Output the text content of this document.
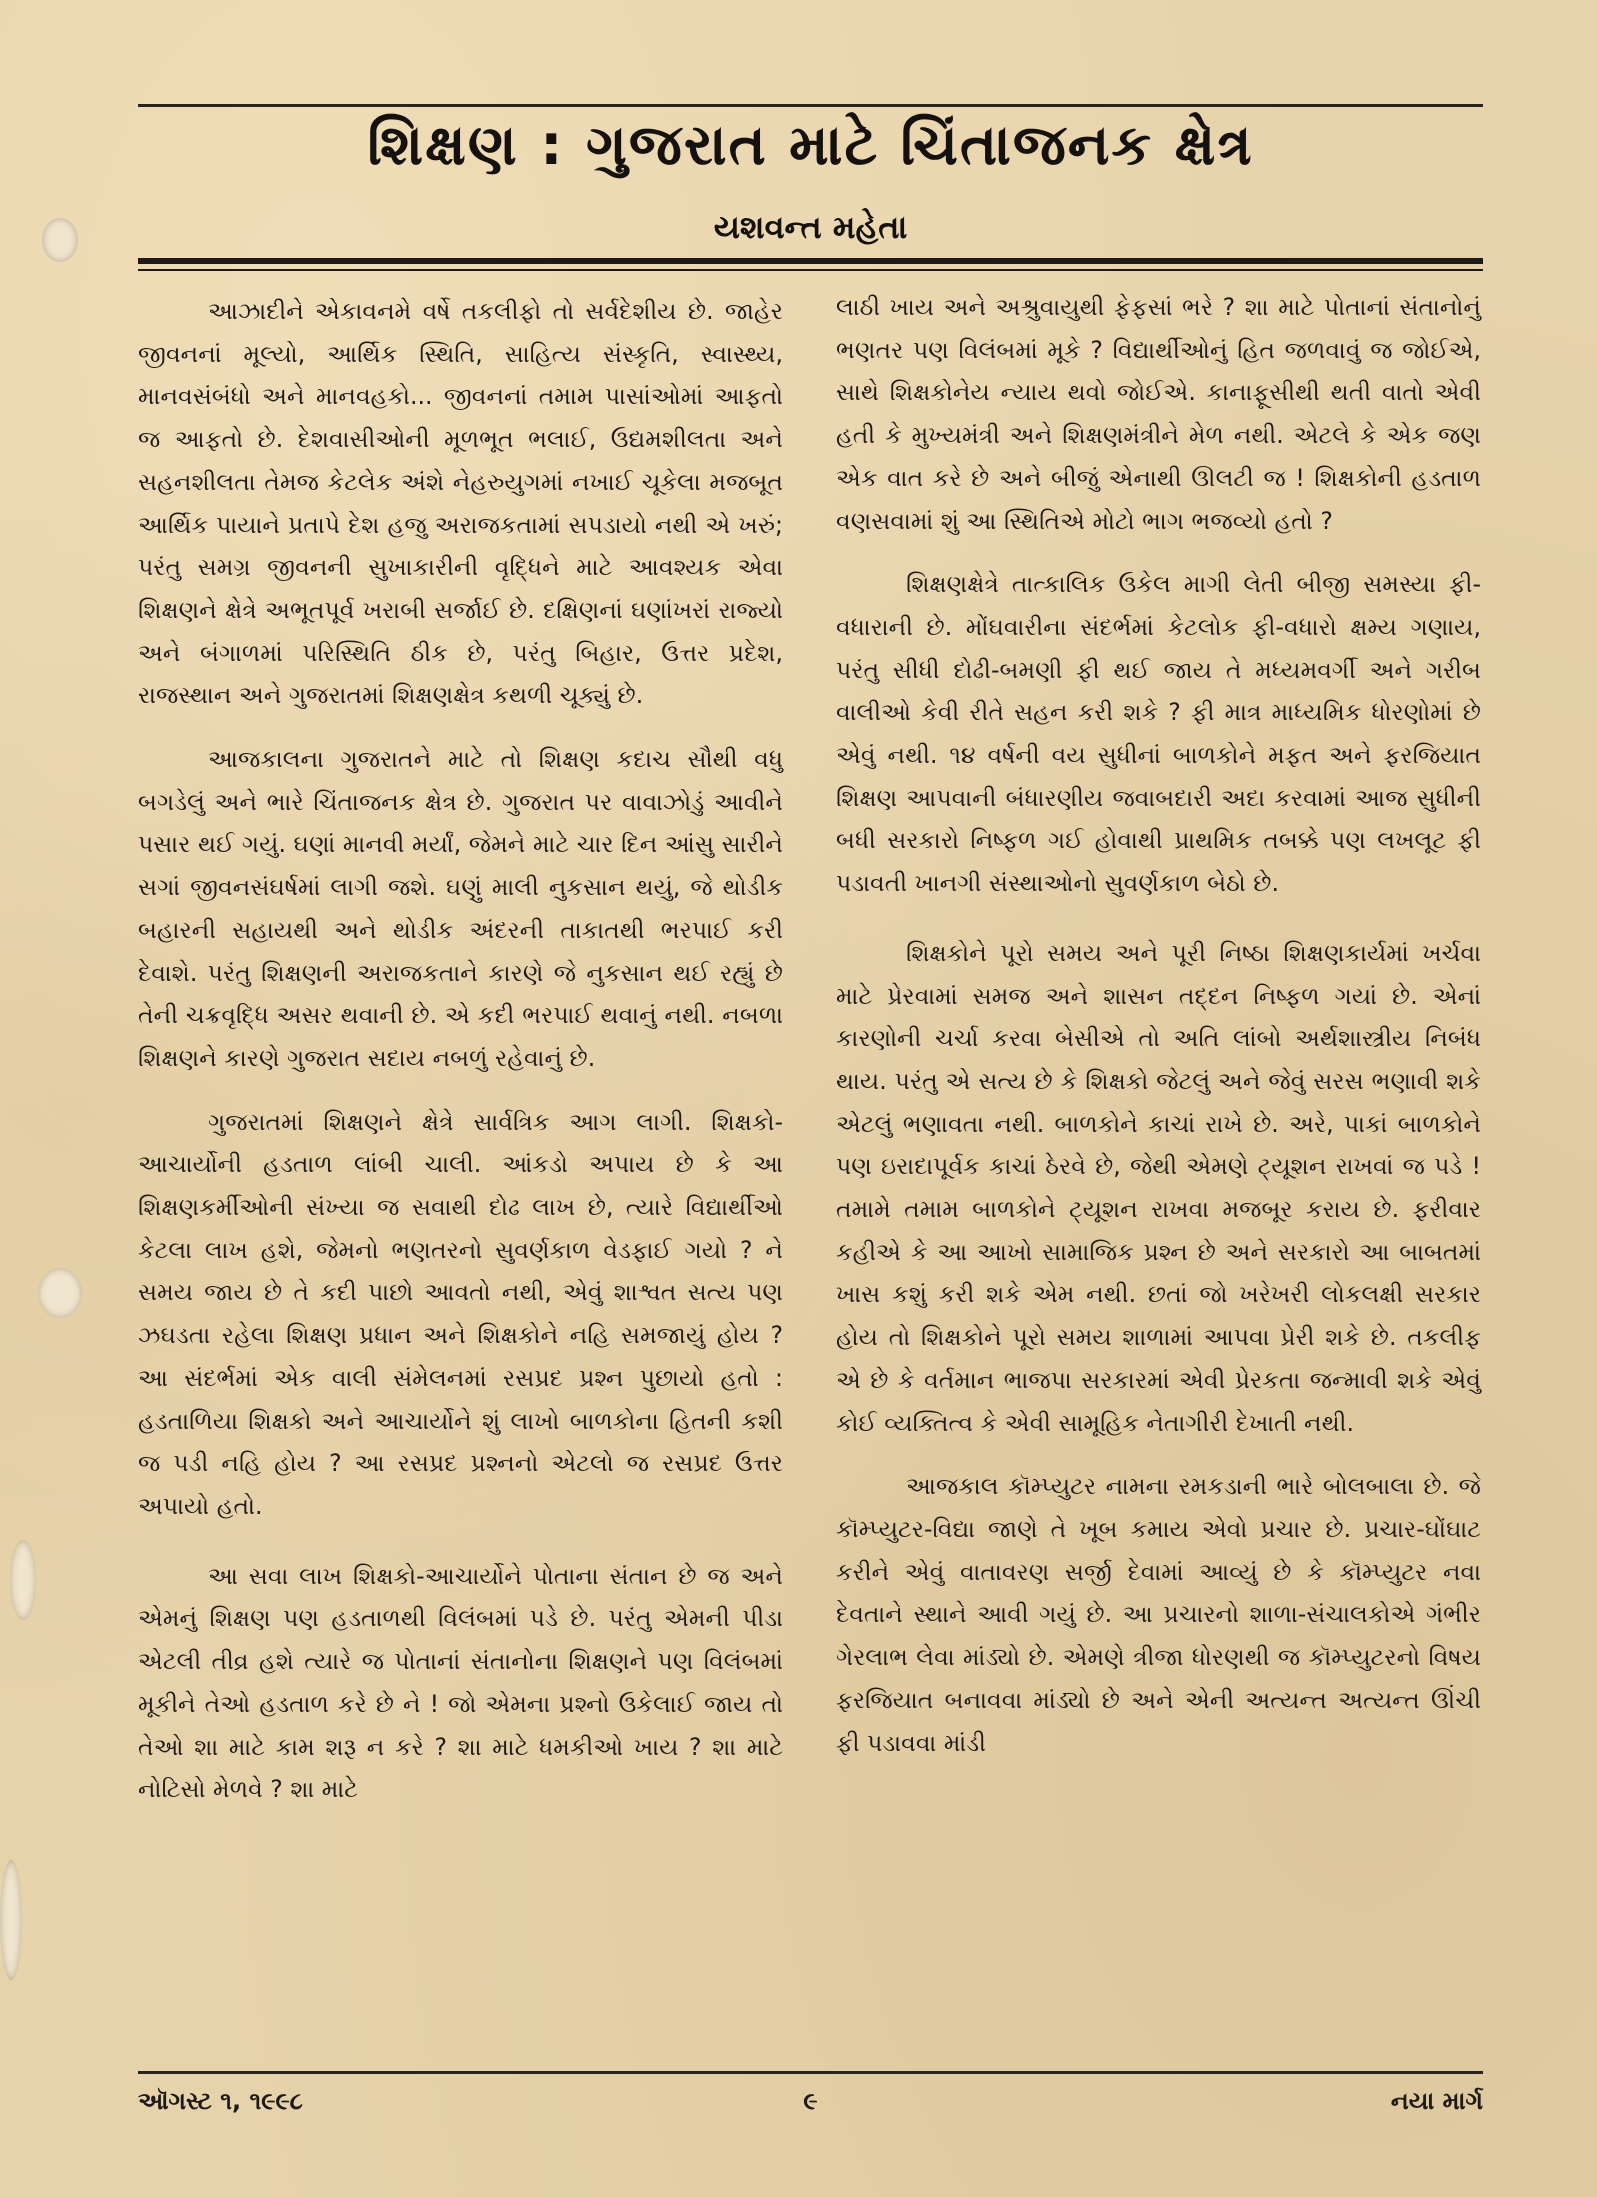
શિક્ષણ : ગુજરાત માટે ચિંતાજનક ક્ષેત્ર
યશવન્ત મહેતા

આઝાદીને એકાવનમે વર્ષે તકલીફો તો સર્વદેશીય છે. જાહેર જીવનનાં મૂલ્યો, આર્થિક સ્થિતિ, સાહિત્ય સંસ્કૃતિ, સ્વાસ્થ્ય, માનવસંબંધો અને માનવહકો... જીવનનાં તમામ પાસાંઓમાં આફતો જ આફતો છે. દેશવાસીઓની મૂળભૂત ભલાઈ, ઉદ્યમશીલતા અને સહનશીલતા તેમજ કેટલેક અંશે નેહરુયુગમાં નખાઈ ચૂકેલા મજબૂત આર્થિક પાયાને પ્રતાપે દેશ હજુ અરાજકતામાં સપડાયો નથી એ ખરું; પરંતુ સમગ્ર જીવનની સુખાકારીની વૃદ્ધિને માટે આવશ્યક એવા શિક્ષણને ક્ષેત્રે અભૂતપૂર્વ ખરાબી સર્જાઈ છે. દક્ષિણનાં ઘણાંખરાં રાજ્યો અને બંગાળમાં પરિસ્થિતિ ઠીક છે, પરંતુ બિહાર, ઉત્તર પ્રદેશ, રાજસ્થાન અને ગુજરાતમાં શિક્ષણક્ષેત્ર કથળી ચૂક્યું છે.

આજકાલના ગુજરાતને માટે તો શિક્ષણ કદાચ સૌથી વધુ બગડેલું અને ભારે ચિંતાજનક ક્ષેત્ર છે. ગુજરાત પર વાવાઝોડું આવીને પસાર થઈ ગયું. ઘણાં માનવી મર્યાં, જેમને માટે ચાર દિન આંસુ સારીને સગાં જીવનસંઘર્ષમાં લાગી જશે. ઘણું માલી નુકસાન થયું, જે થોડીક બહારની સહાયથી અને થોડીક અંદરની તાકાતથી ભરપાઈ કરી દેવાશે. પરંતુ શિક્ષણની અરાજકતાને કારણે જે નુકસાન થઈ રહ્યું છે તેની ચક્રવૃદ્ધિ અસર થવાની છે. એ કદી ભરપાઈ થવાનું નથી. નબળા શિક્ષણને કારણે ગુજરાત સદાય નબળું રહેવાનું છે.

ગુજરાતમાં શિક્ષણને ક્ષેત્રે સાર્વત્રિક આગ લાગી. શિક્ષકો-આચાર્યોની હડતાળ લાંબી ચાલી. આંકડો અપાય છે કે આ શિક્ષણકર્મીઓની સંખ્યા જ સવાથી દોઢ લાખ છે, ત્યારે વિદ્યાર્થીઓ કેટલા લાખ હશે, જેમનો ભણતરનો સુવર્ણકાળ વેડફાઈ ગયો ? ને સમય જાય છે તે કદી પાછો આવતો નથી, એવું શાશ્વત સત્ય પણ ઝઘડતા રહેલા શિક્ષણ પ્રધાન અને શિક્ષકોને નહિ સમજાયું હોય ? આ સંદર્ભમાં એક વાલી સંમેલનમાં રસપ્રદ પ્રશ્ન પુછાયો હતો : હડતાળિયા શિક્ષકો અને આચાર્યોને શું લાખો બાળકોના હિતની કશી જ પડી નહિ હોય ? આ રસપ્રદ પ્રશ્નનો એટલો જ રસપ્રદ ઉત્તર અપાયો હતો.

આ સવા લાખ શિક્ષકો-આચાર્યોને પોતાના સંતાન છે જ અને એમનું શિક્ષણ પણ હડતાળથી વિલંબમાં પડે છે. પરંતુ એમની પીડા એટલી તીવ્ર હશે ત્યારે જ પોતાનાં સંતાનોના શિક્ષણને પણ વિલંબમાં મૂકીને તેઓ હડતાળ કરે છે ને ! જો એમના પ્રશ્નો ઉકેલાઈ જાય તો તેઓ શા માટે કામ શરૂ ન કરે ? શા માટે ધમકીઓ ખાય ? શા માટે નોટિસો મેળવે ? શા માટે

લાઠી ખાય અને અશ્રુવાયુથી ફેફસાં ભરે ? શા માટે પોતાનાં સંતાનોનું ભણતર પણ વિલંબમાં મૂકે ? વિદ્યાર્થીઓનું હિત જળવાવું જ જોઈએ, સાથે શિક્ષકોનેય ન્યાય થવો જોઈએ. કાનાફૂસીથી થતી વાતો એવી હતી કે મુખ્યમંત્રી અને શિક્ષણમંત્રીને મેળ નથી. એટલે કે એક જણ એક વાત કરે છે અને બીજું એનાથી ઊલટી જ ! શિક્ષકોની હડતાળ વણસવામાં શું આ સ્થિતિએ મોટો ભાગ ભજવ્યો હતો ?

શિક્ષણક્ષેત્રે તાત્કાલિક ઉકેલ માગી લેતી બીજી સમસ્યા ફી-વધારાની છે. મોંઘવારીના સંદર્ભમાં કેટલોક ફી-વધારો ક્ષમ્ય ગણાય, પરંતુ સીધી દોઢી-બમણી ફી થઈ જાય તે મધ્યમવર્ગી અને ગરીબ વાલીઓ કેવી રીતે સહન કરી શકે ? ફી માત્ર માધ્યમિક ધોરણોમાં છે એવું નથી. ૧૪ વર્ષની વય સુધીનાં બાળકોને મફત અને ફરજિયાત શિક્ષણ આપવાની બંધારણીય જવાબદારી અદા કરવામાં આજ સુધીની બધી સરકારો નિષ્ફળ ગઈ હોવાથી પ્રાથમિક તબક્કે પણ લખલૂટ ફી પડાવતી ખાનગી સંસ્થાઓનો સુવર્ણકાળ બેઠો છે.

શિક્ષકોને પૂરો સમય અને પૂરી નિષ્ઠા શિક્ષણકાર્યમાં ખર્ચવા માટે પ્રેરવામાં સમજ અને શાસન તદ્દન નિષ્ફળ ગયાં છે. એનાં કારણોની ચર્ચા કરવા બેસીએ તો અતિ લાંબો અર્થશાસ્ત્રીય નિબંધ થાય. પરંતુ એ સત્ય છે કે શિક્ષકો જેટલું અને જેવું સરસ ભણાવી શકે એટલું ભણાવતા નથી. બાળકોને કાચાં રાખે છે. અરે, પાકાં બાળકોને પણ ઇરાદાપૂર્વક કાચાં ઠેરવે છે, જેથી એમણે ટ્યૂશન રાખવાં જ પડે ! તમામે તમામ બાળકોને ટ્યૂશન રાખવા મજબૂર કરાય છે. ફરીવાર કહીએ કે આ આખો સામાજિક પ્રશ્ન છે અને સરકારો આ બાબતમાં ખાસ કશું કરી શકે એમ નથી. છતાં જો ખરેખરી લોકલક્ષી સરકાર હોય તો શિક્ષકોને પૂરો સમય શાળામાં આપવા પ્રેરી શકે છે. તકલીફ એ છે કે વર્તમાન ભાજપા સરકારમાં એવી પ્રેરકતા જન્માવી શકે એવું કોઈ વ્યક્તિત્વ કે એવી સામૂહિક નેતાગીરી દેખાતી નથી.

આજકાલ કૉમ્પ્યુટર નામના રમકડાની ભારે બોલબાલા છે. જે કૉમ્પ્યુટર-વિદ્યા જાણે તે ખૂબ કમાય એવો પ્રચાર છે. પ્રચાર-ઘોંઘાટ કરીને એવું વાતાવરણ સર્જી દેવામાં આવ્યું છે કે કૉમ્પ્યુટર નવા દેવતાને સ્થાને આવી ગયું છે. આ પ્રચારનો શાળા-સંચાલકોએ ગંભીર ગેરલાભ લેવા માંડ્યો છે. એમણે ત્રીજા ધોરણથી જ કૉમ્પ્યુટરનો વિષય ફરજિયાત બનાવવા માંડ્યો છે અને એની અત્યન્ત અત્યન્ત ઊંચી ફી પડાવવા માંડી

ઑગસ્ટ ૧, ૧૯૯૮	૯	નયા માર્ગ
